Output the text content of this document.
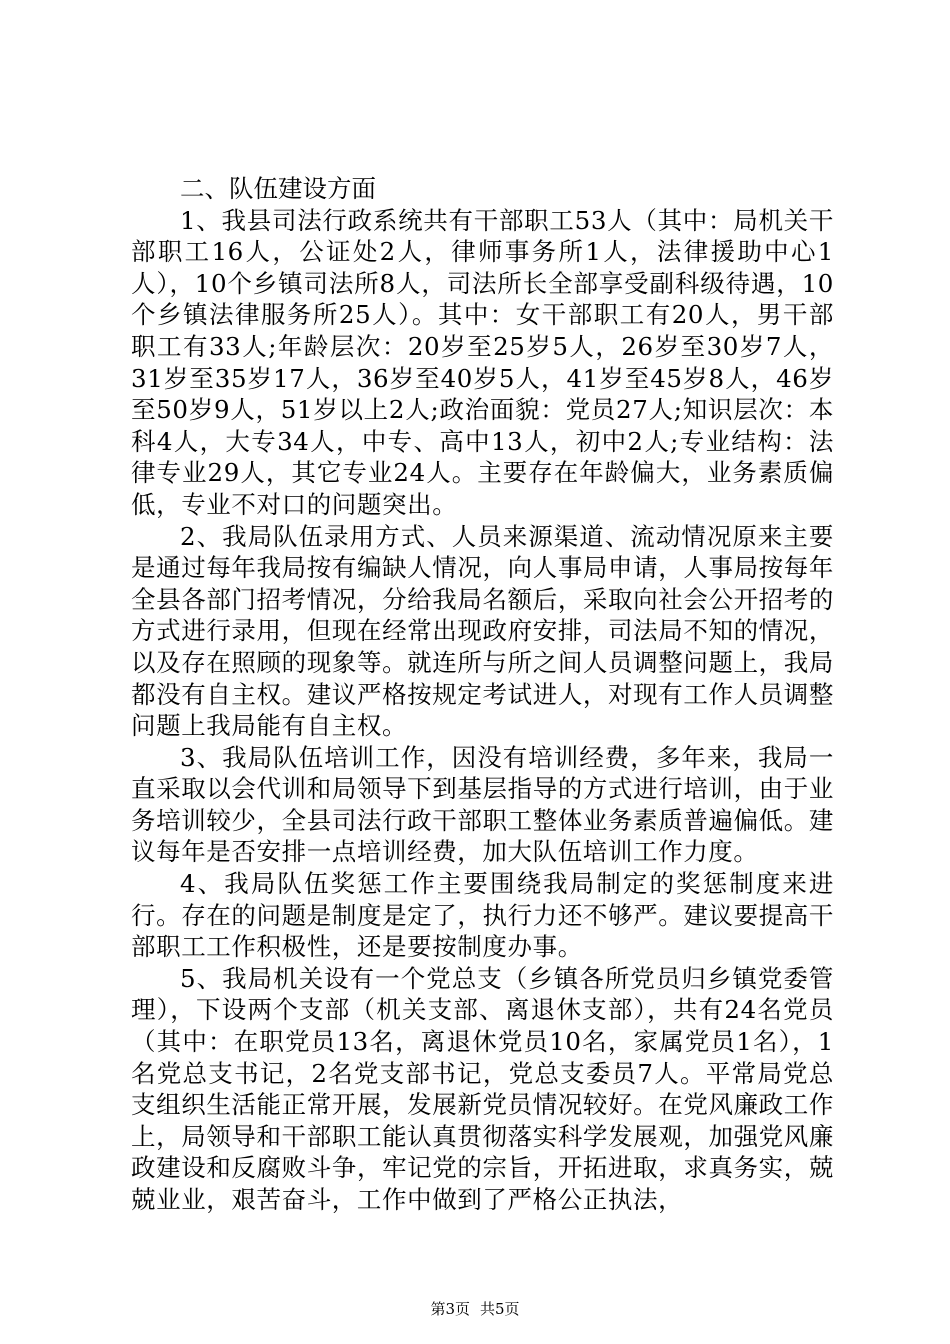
二、队伍建设方面

1、我县司法行政系统共有干部职工53人（其中：局机关干部职工16人，公证处2人，律师事务所1人，法律援助中心1人），10个乡镇司法所8人，司法所长全部享受副科级待遇，10个乡镇法律服务所25人）。其中：女干部职工有20人，男干部职工有33人;年龄层次：20岁至25岁5人，26岁至30岁7人，31岁至35岁17人，36岁至40岁5人，41岁至45岁8人，46岁至50岁9人，51岁以上2人;政治面貌：党员27人;知识层次：本科4人，大专34人，中专、高中13人，初中2人;专业结构：法律专业29人，其它专业24人。主要存在年龄偏大，业务素质偏低，专业不对口的问题突出。

2、我局队伍录用方式、人员来源渠道、流动情况原来主要是通过每年我局按有编缺人情况，向人事局申请，人事局按每年全县各部门招考情况，分给我局名额后，采取向社会公开招考的方式进行录用，但现在经常出现政府安排，司法局不知的情况，以及存在照顾的现象等。就连所与所之间人员调整问题上，我局都没有自主权。建议严格按规定考试进人，对现有工作人员调整问题上我局能有自主权。

3、我局队伍培训工作，因没有培训经费，多年来，我局一直采取以会代训和局领导下到基层指导的方式进行培训，由于业务培训较少，全县司法行政干部职工整体业务素质普遍偏低。建议每年是否安排一点培训经费，加大队伍培训工作力度。

4、我局队伍奖惩工作主要围绕我局制定的奖惩制度来进行。存在的问题是制度是定了，执行力还不够严。建议要提高干部职工工作积极性，还是要按制度办事。

5、我局机关设有一个党总支（乡镇各所党员归乡镇党委管理），下设两个支部（机关支部、离退休支部），共有24名党员（其中：在职党员13名，离退休党员10名，家属党员1名），1名党总支书记，2名党支部书记，党总支委员7人。平常局党总支组织生活能正常开展，发展新党员情况较好。在党风廉政工作上，局领导和干部职工能认真贯彻落实科学发展观，加强党风廉政建设和反腐败斗争，牢记党的宗旨，开拓进取，求真务实，兢兢业业，艰苦奋斗，工作中做到了严格公正执法，

第3页 共5页
